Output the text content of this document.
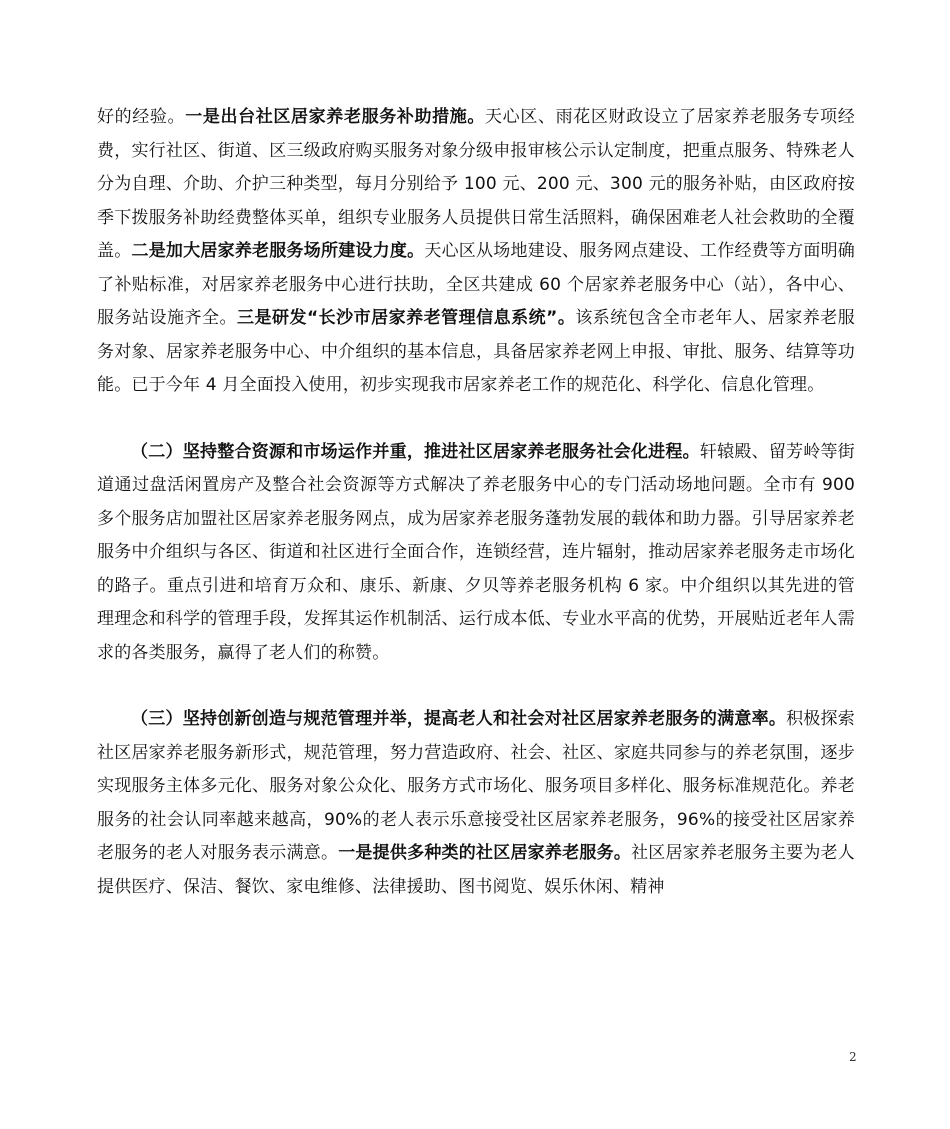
好的经验。一是出台社区居家养老服务补助措施。天心区、雨花区财政设立了居家养老服务专项经费，实行社区、街道、区三级政府购买服务对象分级申报审核公示认定制度，把重点服务、特殊老人分为自理、介助、介护三种类型，每月分别给予 100 元、200 元、300 元的服务补贴，由区政府按季下拨服务补助经费整体买单，组织专业服务人员提供日常生活照料，确保困难老人社会救助的全覆盖。二是加大居家养老服务场所建设力度。天心区从场地建设、服务网点建设、工作经费等方面明确了补贴标准，对居家养老服务中心进行扶助，全区共建成 60 个居家养老服务中心（站），各中心、服务站设施齐全。三是研发“长沙市居家养老管理信息系统”。该系统包含全市老年人、居家养老服务对象、居家养老服务中心、中介组织的基本信息，具备居家养老网上申报、审批、服务、结算等功能。已于今年 4 月全面投入使用，初步实现我市居家养老工作的规范化、科学化、信息化管理。

（二）坚持整合资源和市场运作并重，推进社区居家养老服务社会化进程。轩辕殿、留芳岭等街道通过盘活闲置房产及整合社会资源等方式解决了养老服务中心的专门活动场地问题。全市有 900 多个服务店加盟社区居家养老服务网点，成为居家养老服务蓬勃发展的载体和助力器。引导居家养老服务中介组织与各区、街道和社区进行全面合作，连锁经营，连片辐射，推动居家养老服务走市场化的路子。重点引进和培育万众和、康乐、新康、夕贝等养老服务机构 6 家。中介组织以其先进的管理理念和科学的管理手段，发挥其运作机制活、运行成本低、专业水平高的优势，开展贴近老年人需求的各类服务，赢得了老人们的称赞。

（三）坚持创新创造与规范管理并举，提高老人和社会对社区居家养老服务的满意率。积极探索社区居家养老服务新形式，规范管理，努力营造政府、社会、社区、家庭共同参与的养老氛围，逐步实现服务主体多元化、服务对象公众化、服务方式市场化、服务项目多样化、服务标准规范化。养老服务的社会认同率越来越高，90%的老人表示乐意接受社区居家养老服务，96%的接受社区居家养老服务的老人对服务表示满意。一是提供多种类的社区居家养老服务。社区居家养老服务主要为老人提供医疗、保洁、餐饮、家电维修、法律援助、图书阅览、娱乐休闲、精神

2
